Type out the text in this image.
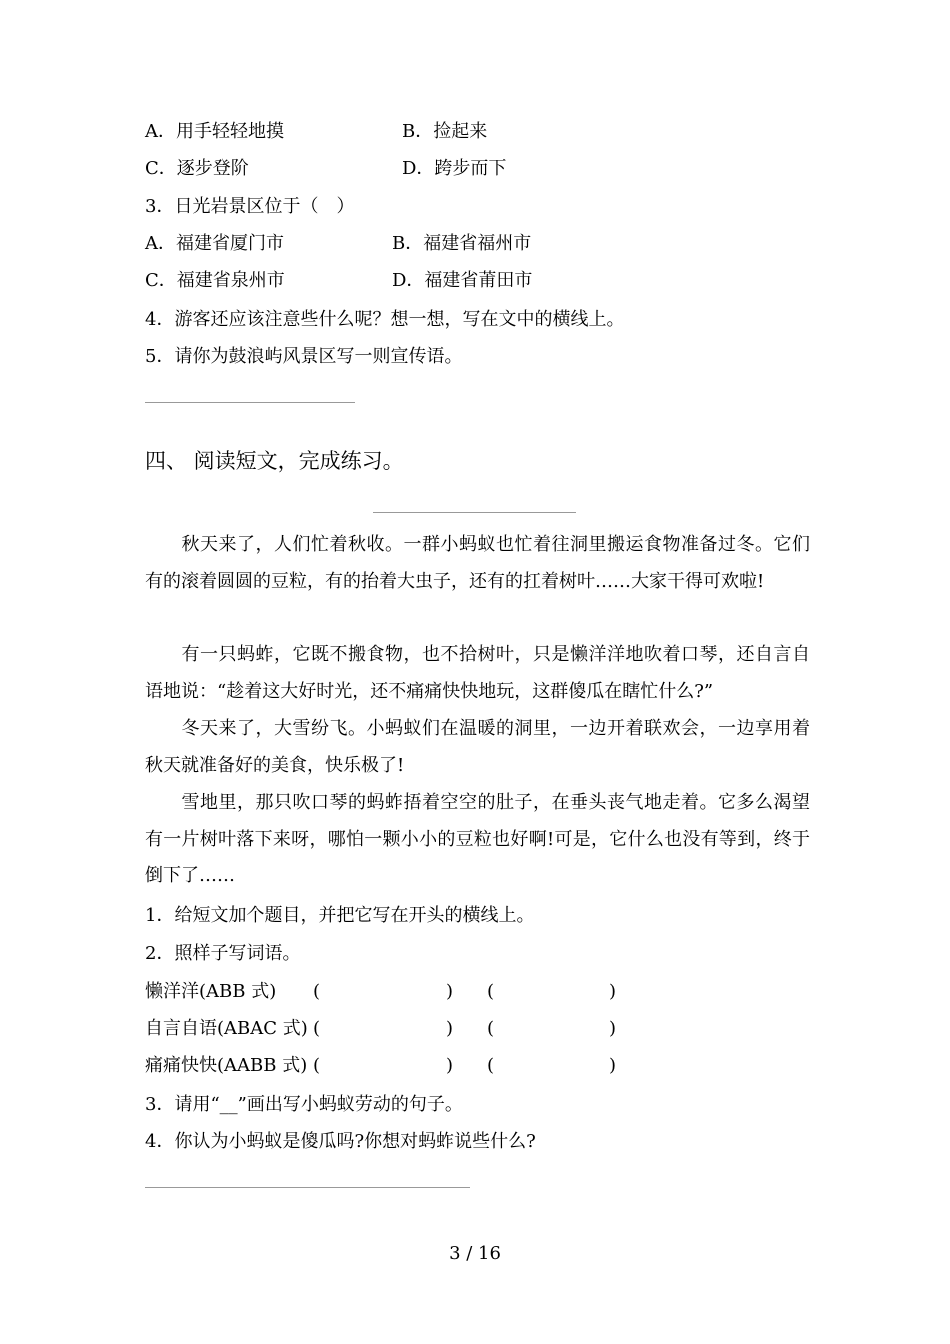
A．用手轻轻地摸	B．捡起来
C．逐步登阶	D．跨步而下
3．日光岩景区位于（　）
A．福建省厦门市	B．福建省福州市
C．福建省泉州市	D．福建省莆田市
4．游客还应该注意些什么呢？想一想，写在文中的横线上。
5．请你为鼓浪屿风景区写一则宣传语。
四、 阅读短文，完成练习。
秋天来了，人们忙着秋收。一群小蚂蚁也忙着往洞里搬运食物准备过冬。它们有的滚着圆圆的豆粒，有的抬着大虫子，还有的扛着树叶……大家干得可欢啦!
有一只蚂蚱，它既不搬食物，也不拾树叶，只是懒洋洋地吹着口琴，还自言自语地说：“趁着这大好时光，还不痛痛快快地玩，这群傻瓜在瞎忙什么?”
冬天来了，大雪纷飞。小蚂蚁们在温暖的洞里，一边开着联欢会，一边享用着秋天就准备好的美食，快乐极了!
雪地里，那只吹口琴的蚂蚱捂着空空的肚子，在垂头丧气地走着。它多么渴望有一片树叶落下来呀，哪怕一颗小小的豆粒也好啊!可是，它什么也没有等到，终于倒下了……
1．给短文加个题目，并把它写在开头的横线上。
2．照样子写词语。
懒洋洋(ABB 式) (	) (	)
自言自语(ABAC 式) (	) (	)
痛痛快快(AABB 式) (	) (	)
3．请用“__”画出写小蚂蚁劳动的句子。
4．你认为小蚂蚁是傻瓜吗?你想对蚂蚱说些什么?
3 / 16
